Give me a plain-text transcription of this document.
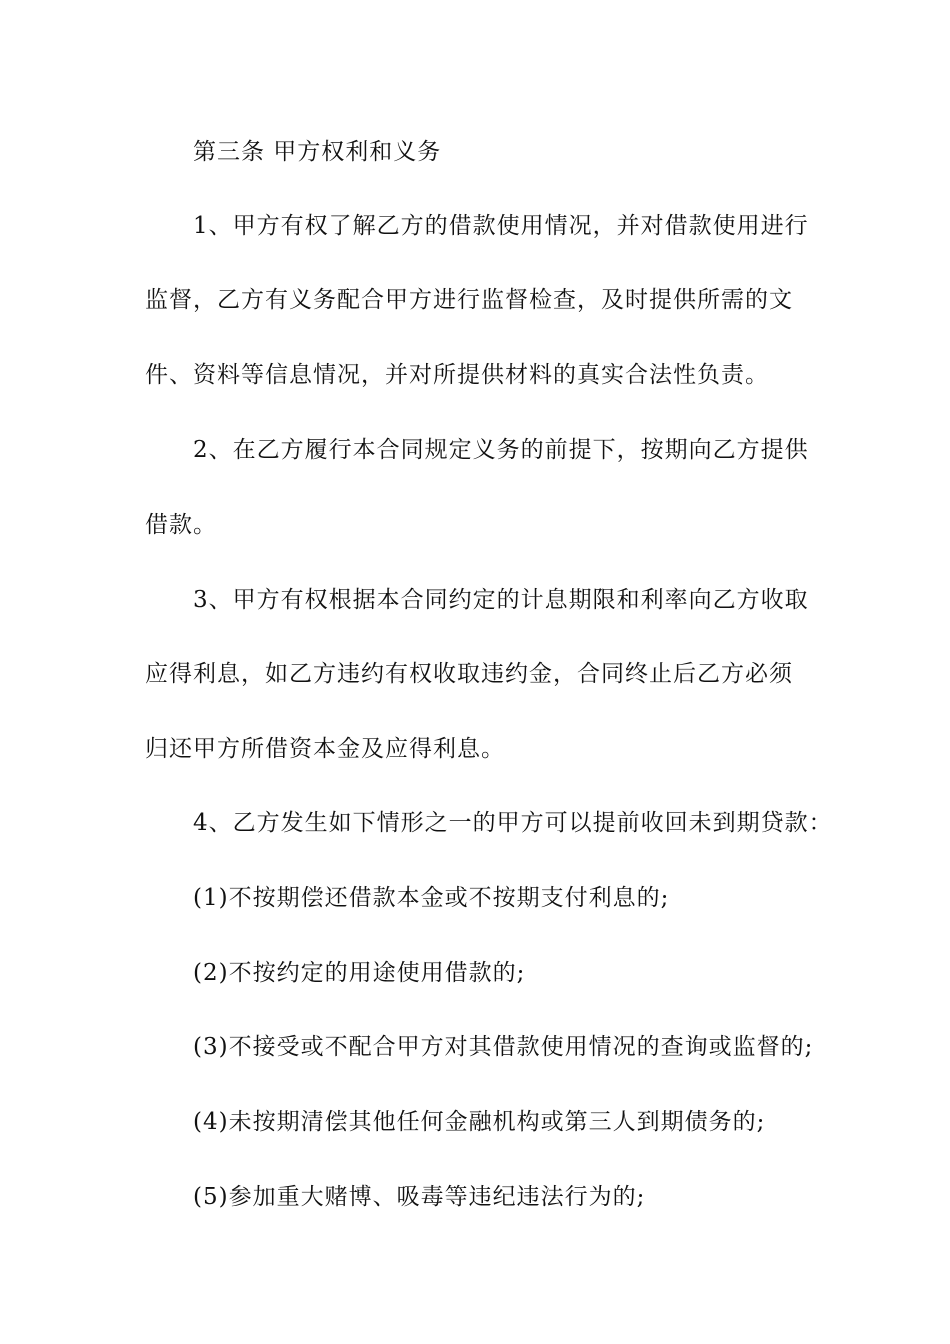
第三条 甲方权利和义务
1、甲方有权了解乙方的借款使用情况，并对借款使用进行
监督，乙方有义务配合甲方进行监督检查，及时提供所需的文
件、资料等信息情况，并对所提供材料的真实合法性负责。
2、在乙方履行本合同规定义务的前提下，按期向乙方提供
借款。
3、甲方有权根据本合同约定的计息期限和利率向乙方收取
应得利息，如乙方违约有权收取违约金，合同终止后乙方必须
归还甲方所借资本金及应得利息。
4、乙方发生如下情形之一的甲方可以提前收回未到期贷款：
(1)不按期偿还借款本金或不按期支付利息的;
(2)不按约定的用途使用借款的;
(3)不接受或不配合甲方对其借款使用情况的查询或监督的;
(4)未按期清偿其他任何金融机构或第三人到期债务的;
(5)参加重大赌博、吸毒等违纪违法行为的;
